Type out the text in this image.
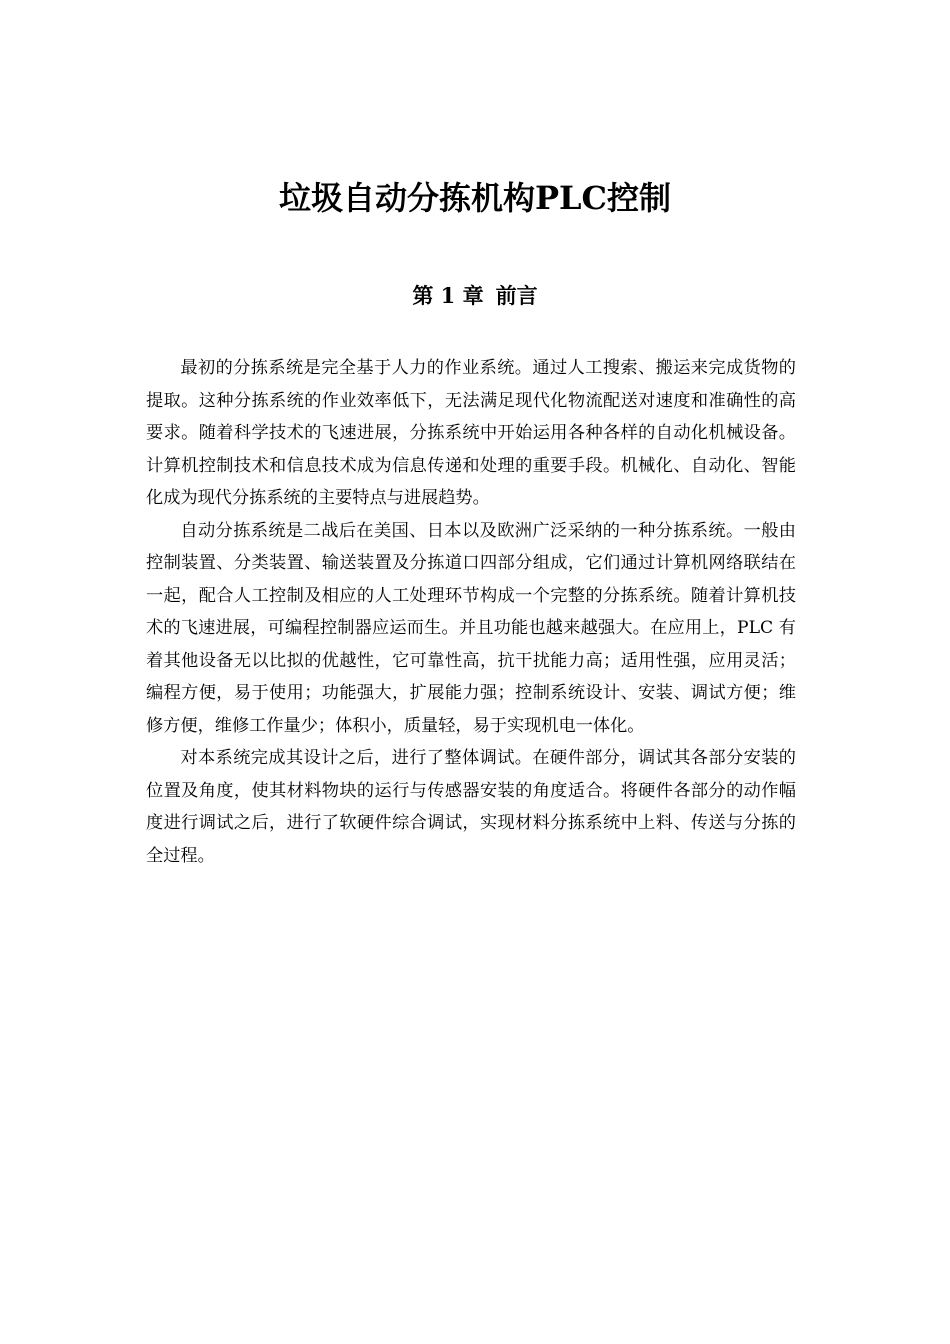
垃圾自动分拣机构PLC控制
第 1 章 前言

最初的分拣系统是完全基于人力的作业系统。通过人工搜索、搬运来完成货物的提取。这种分拣系统的作业效率低下，无法满足现代化物流配送对速度和准确性的高要求。随着科学技术的飞速进展，分拣系统中开始运用各种各样的自动化机械设备。计算机控制技术和信息技术成为信息传递和处理的重要手段。机械化、自动化、智能化成为现代分拣系统的主要特点与进展趋势。

自动分拣系统是二战后在美国、日本以及欧洲广泛采纳的一种分拣系统。一般由控制装置、分类装置、输送装置及分拣道口四部分组成，它们通过计算机网络联结在一起，配合人工控制及相应的人工处理环节构成一个完整的分拣系统。随着计算机技术的飞速进展，可编程控制器应运而生。并且功能也越来越强大。在应用上，PLC 有着其他设备无以比拟的优越性，它可靠性高，抗干扰能力高；适用性强，应用灵活；编程方便，易于使用；功能强大，扩展能力强；控制系统设计、安装、调试方便；维修方便，维修工作量少；体积小，质量轻，易于实现机电一体化。

对本系统完成其设计之后，进行了整体调试。在硬件部分，调试其各部分安装的位置及角度，使其材料物块的运行与传感器安装的角度适合。将硬件各部分的动作幅度进行调试之后，进行了软硬件综合调试，实现材料分拣系统中上料、传送与分拣的全过程。
